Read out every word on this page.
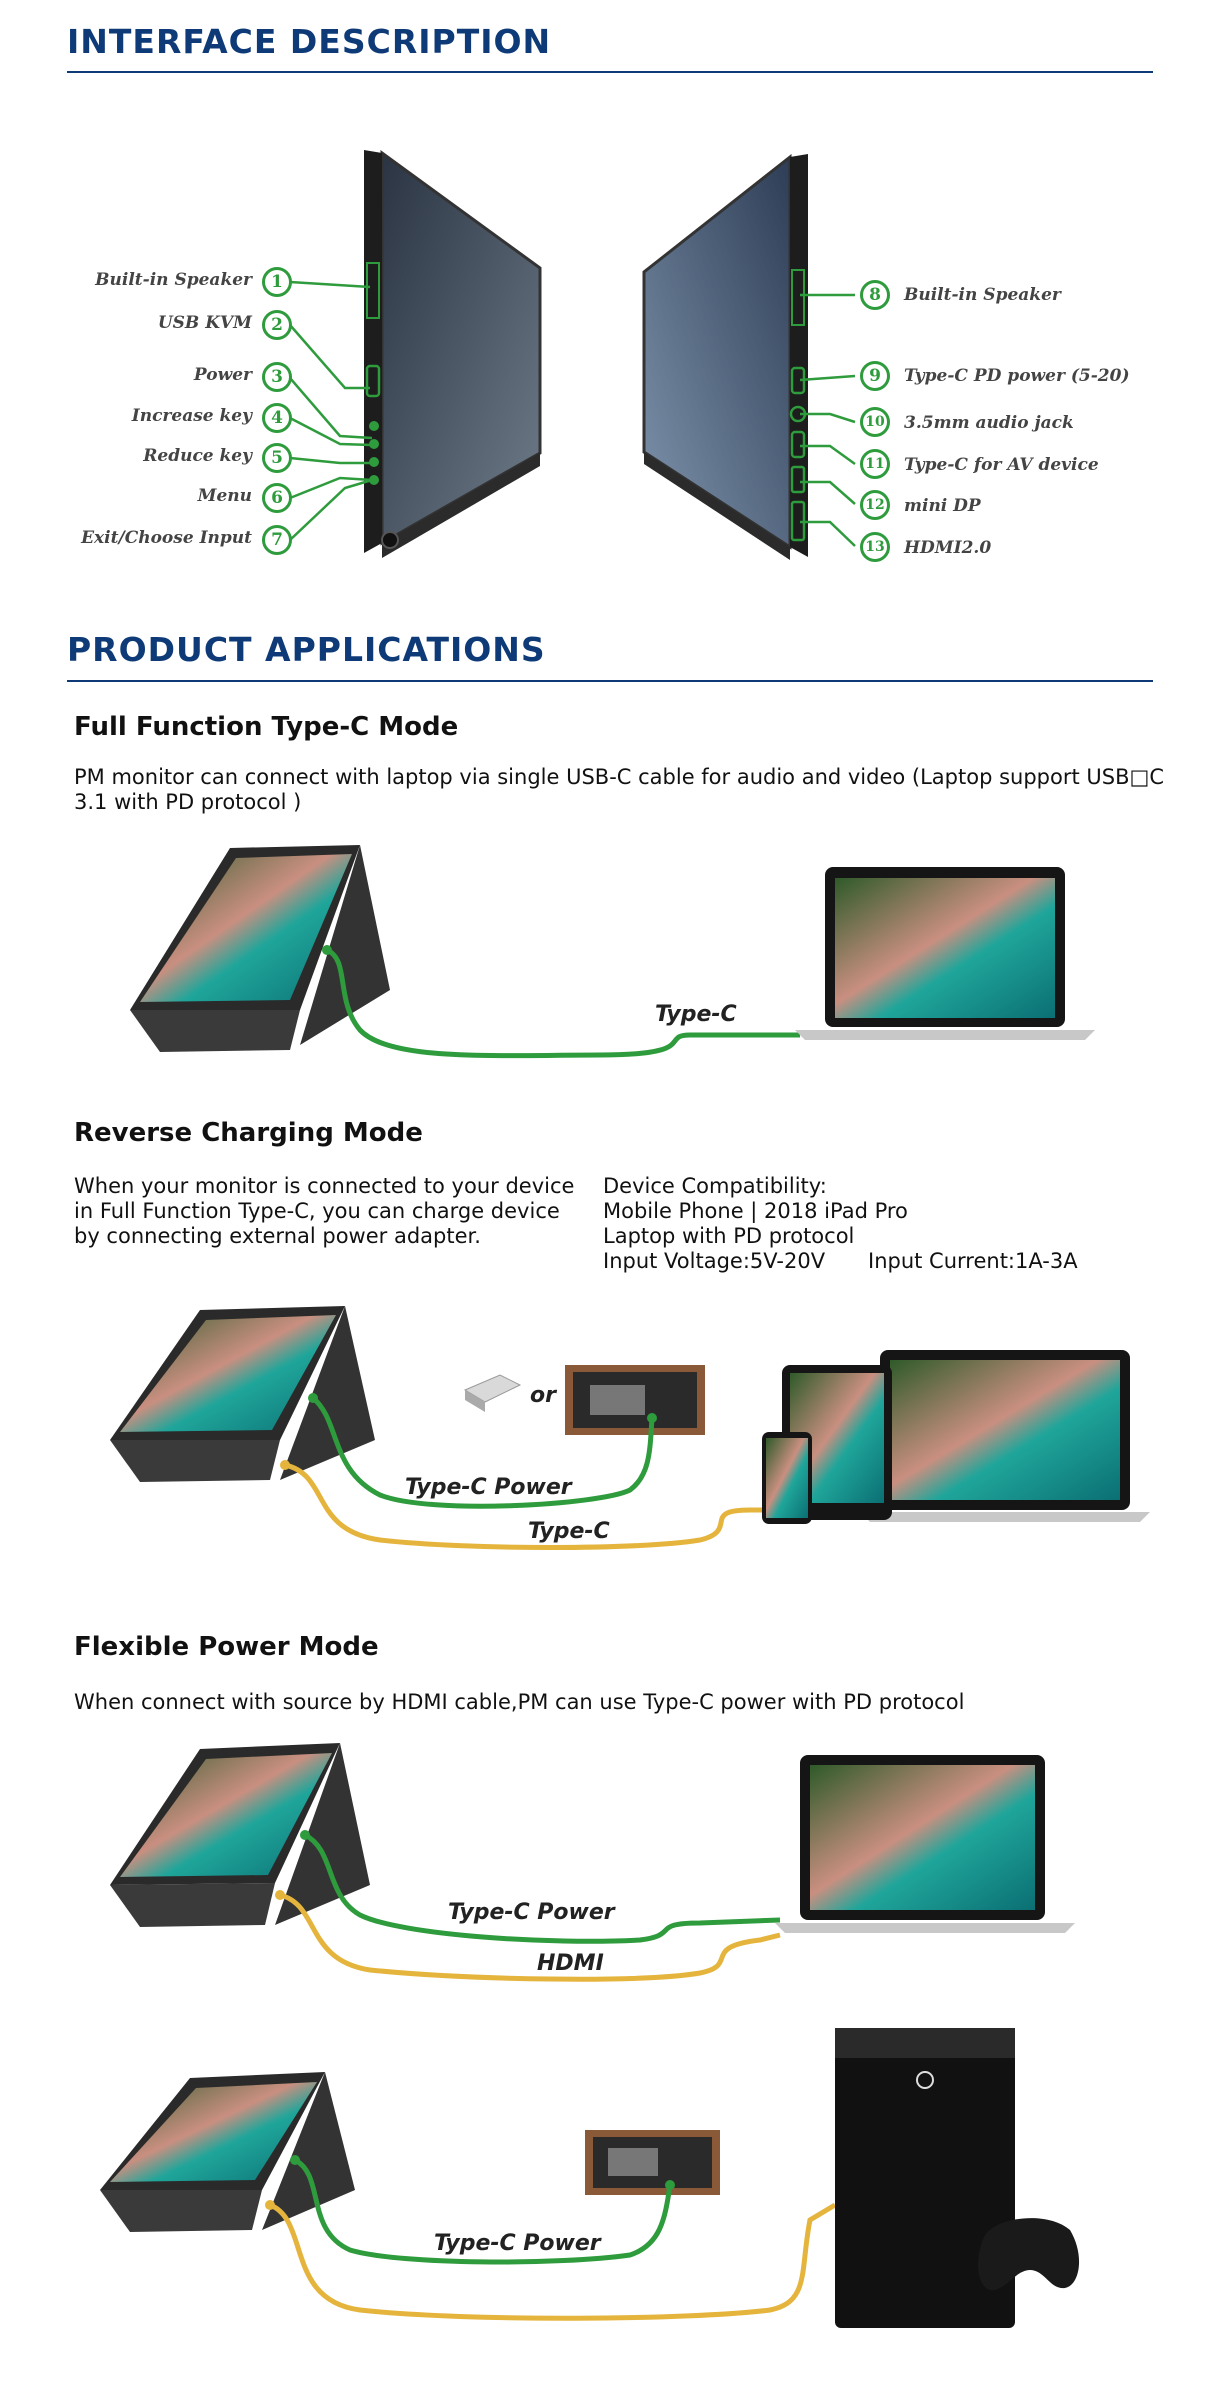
INTERFACE DESCRIPTION
Built-in Speaker	1
USB KVM	2
Power	3
Increase key	4
Reduce key	5
Menu	6
Exit/Choose Input	7
8	Built-in Speaker
9	Type-C PD power (5-20)
10	3.5mm audio jack
11	Type-C for AV device
12	mini DP
13	HDMI2.0
PRODUCT APPLICATIONS
Full Function Type-C Mode
PM monitor can connect with laptop via single USB-C cable for audio and video (Laptop support USB□C
3.1 with PD protocol )
Type-C
Reverse Charging Mode
When your monitor is connected to your device
in Full Function Type-C, you can charge device
by connecting external power adapter.
Device Compatibility:
Mobile Phone | 2018 iPad Pro
Laptop with PD protocol
Input Voltage:5V-20V Input Current:1A-3A
or
Type-C Power
Type-C
Flexible Power Mode
When connect with source by HDMI cable,PM can use Type-C power with PD protocol
Type-C Power
HDMI
Type-C Power
